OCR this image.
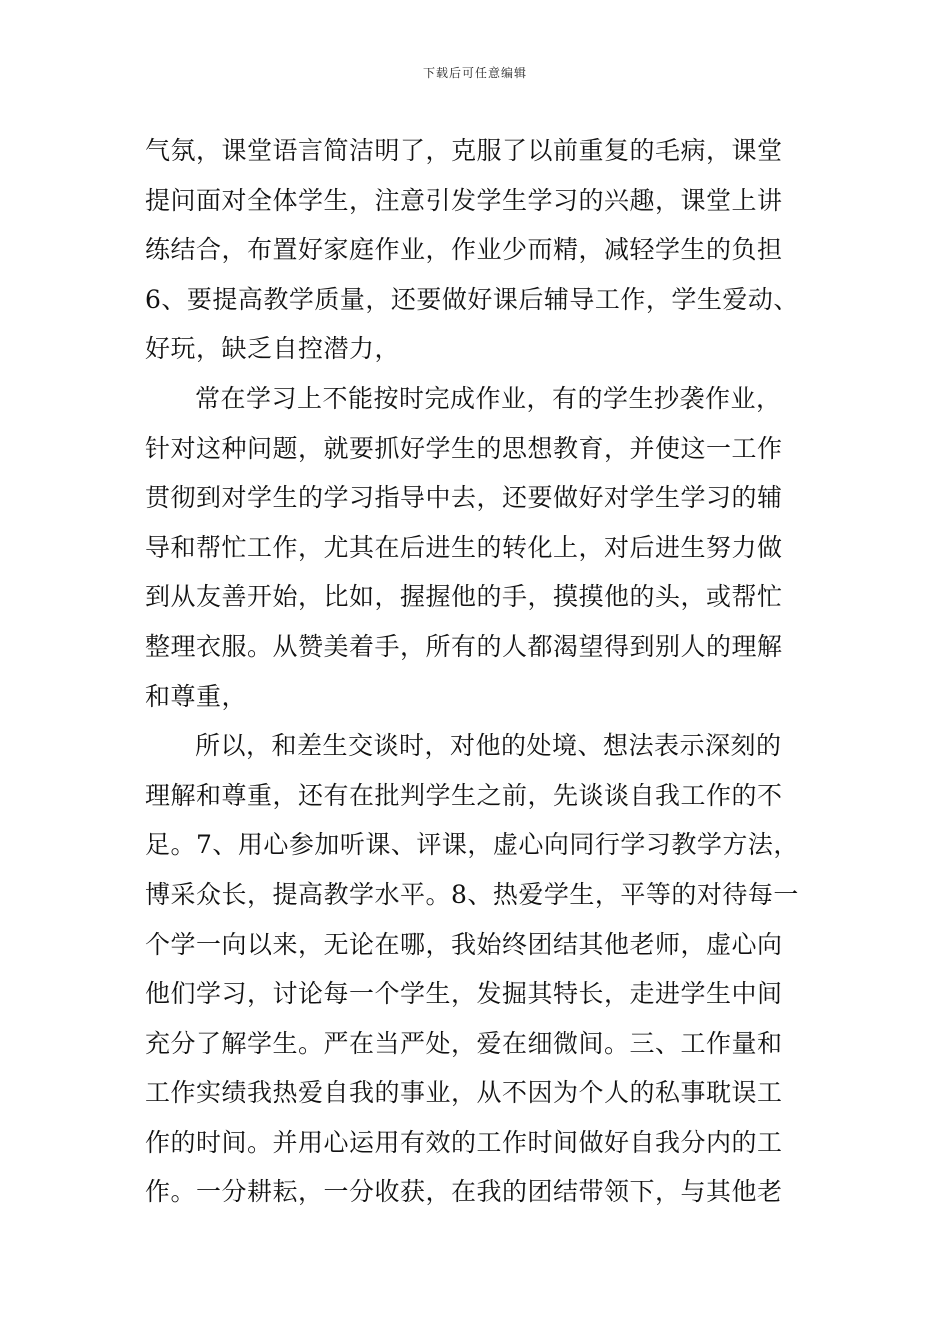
下载后可任意编辑
气氛，课堂语言简洁明了，克服了以前重复的毛病，课堂
提问面对全体学生，注意引发学生学习的兴趣，课堂上讲
练结合，布置好家庭作业，作业少而精，减轻学生的负担
6、要提高教学质量，还要做好课后辅导工作，学生爱动、
好玩，缺乏自控潜力，
常在学习上不能按时完成作业，有的学生抄袭作业，
针对这种问题，就要抓好学生的思想教育，并使这一工作
贯彻到对学生的学习指导中去，还要做好对学生学习的辅
导和帮忙工作，尤其在后进生的转化上，对后进生努力做
到从友善开始，比如，握握他的手，摸摸他的头，或帮忙
整理衣服。从赞美着手，所有的人都渴望得到别人的理解
和尊重，
所以，和差生交谈时，对他的处境、想法表示深刻的
理解和尊重，还有在批判学生之前，先谈谈自我工作的不
足。7、用心参加听课、评课，虚心向同行学习教学方法，
博采众长，提高教学水平。8、热爱学生，平等的对待每一
个学一向以来，无论在哪，我始终团结其他老师，虚心向
他们学习，讨论每一个学生，发掘其特长，走进学生中间
充分了解学生。严在当严处，爱在细微间。三、工作量和
工作实绩我热爱自我的事业，从不因为个人的私事耽误工
作的时间。并用心运用有效的工作时间做好自我分内的工
作。一分耕耘，一分收获，在我的团结带领下，与其他老
